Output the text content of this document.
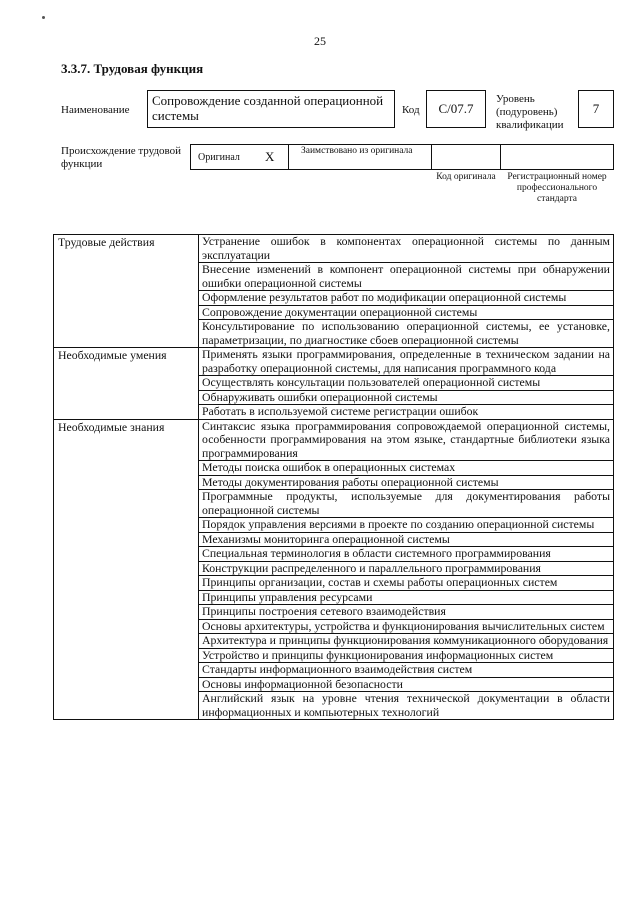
25
3.3.7. Трудовая функция
Наименование
Сопровождение созданной операционной системы	Код С/07.7
Уровень (подуровень) квалификации
7
Происхождение трудовой функции
Оригинал X	Заимствовано из оригинала
Код оригинала Регистрационный номер профессионального стандарта
Трудовые действия	Устранение ошибок в компонентах операционной системы по данным эксплуатации
	Внесение изменений в компонент операционной системы при обнаружении ошибки операционной системы
	Оформление результатов работ по модификации операционной системы
	Сопровождение документации операционной системы
	Консультирование по использованию операционной системы, ее установке, параметризации, по диагностике сбоев операционной системы
Необходимые умения	Применять языки программирования, определенные в техническом задании на разработку операционной системы, для написания программного кода
	Осуществлять консультации пользователей операционной системы
	Обнаруживать ошибки операционной системы
	Работать в используемой системе регистрации ошибок
Необходимые знания	Синтаксис языка программирования сопровождаемой операционной системы, особенности программирования на этом языке, стандартные библиотеки языка программирования
	Методы поиска ошибок в операционных системах
	Методы документирования работы операционной системы
	Программные продукты, используемые для документирования работы операционной системы
	Порядок управления версиями в проекте по созданию операционной системы
	Механизмы мониторинга операционной системы
	Специальная терминология в области системного программирования
	Конструкции распределенного и параллельного программирования
	Принципы организации, состав и схемы работы операционных систем
	Принципы управления ресурсами
	Принципы построения сетевого взаимодействия
	Основы архитектуры, устройства и функционирования вычислительных систем
	Архитектура и принципы функционирования коммуникационного оборудования
	Устройство и принципы функционирования информационных систем
	Стандарты информационного взаимодействия систем
	Основы информационной безопасности
	Английский язык на уровне чтения технической документации в области информационных и компьютерных технологий
